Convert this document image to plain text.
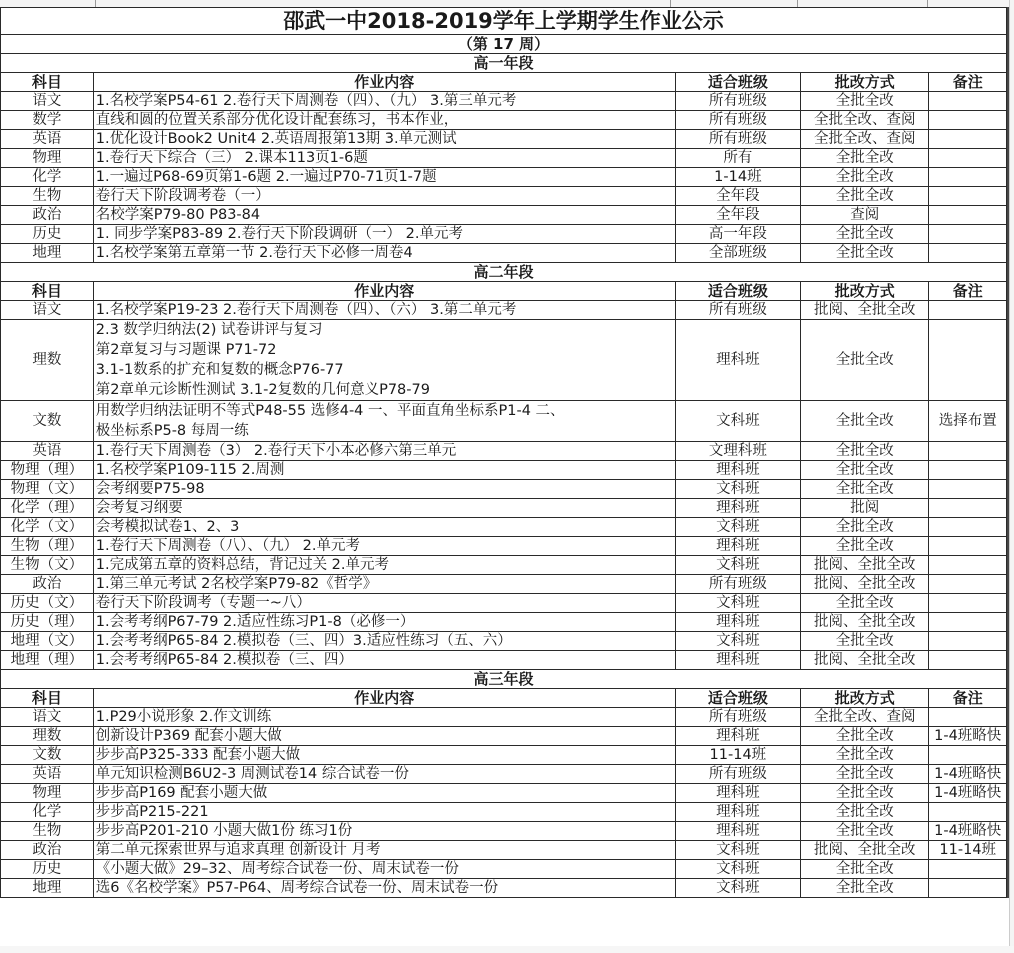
邵武一中2018-2019学年上学期学生作业公示				
（第 17 周）				
高一年段				
科目	作业内容	适合班级	批改方式	备注
语文	1.名校学案P54-61 2.卷行天下周测卷（四）、（九） 3.第三单元考	所有班级	全批全改	
数学	直线和圆的位置关系部分优化设计配套练习，书本作业，	所有班级	全批全改、查阅	
英语	1.优化设计Book2 Unit4 2.英语周报第13期 3.单元测试	所有班级	全批全改、查阅	
物理	1.卷行天下综合（三） 2.课本113页1-6题	所有	全批全改	
化学	1.一遍过P68-69页第1-6题 2.一遍过P70-71页1-7题	1-14班	全批全改	
生物	卷行天下阶段调考卷（一）	全年段	全批全改	
政治	名校学案P79-80 P83-84	全年段	查阅	
历史	1. 同步学案P83-89 2.卷行天下阶段调研（一） 2.单元考	高一年段	全批全改	
地理	1.名校学案第五章第一节 2.卷行天下必修一周卷4	全部班级	全批全改	
高二年段				
科目	作业内容	适合班级	批改方式	备注
语文	1.名校学案P19-23 2.卷行天下周测卷（四）、（六） 3.第二单元考	所有班级	批阅、全批全改	
理数	2.3 数学归纳法(2) 试卷讲评与复习
第2章复习与习题课 P71-72
3.1-1数系的扩充和复数的概念P76-77
第2章单元诊断性测试 3.1-2复数的几何意义P78-79	理科班	全批全改	
文数	用数学归纳法证明不等式P48-55 选修4-4 一、平面直角坐标系P1-4 二、
极坐标系P5-8 每周一练	文科班	全批全改	选择布置
英语	1.卷行天下周测卷（3） 2.卷行天下小本必修六第三单元	文理科班	全批全改	
物理（理）	1.名校学案P109-115 2.周测	理科班	全批全改	
物理（文）	会考纲要P75-98	文科班	全批全改	
化学（理）	会考复习纲要	理科班	批阅	
化学（文）	会考模拟试卷1、2、3	文科班	全批全改	
生物（理）	1.卷行天下周测卷（八）、（九） 2.单元考	理科班	全批全改	
生物（文）	1.完成第五章的资料总结，背记过关 2.单元考	文科班	批阅、全批全改	
政治	1.第三单元考试 2名校学案P79-82《哲学》	所有班级	批阅、全批全改	
历史（文）	卷行天下阶段调考（专题一~八）	文科班	全批全改	
历史（理）	1.会考考纲P67-79 2.适应性练习P1-8（必修一）	理科班	批阅、全批全改	
地理（文）	1.会考考纲P65-84 2.模拟卷（三、四）3.适应性练习（五、六）	文科班	全批全改	
地理（理）	1.会考考纲P65-84 2.模拟卷（三、四）	理科班	批阅、全批全改	
高三年段				
科目	作业内容	适合班级	批改方式	备注
语文	1.P29小说形象 2.作文训练	所有班级	全批全改、查阅	
理数	创新设计P369 配套小题大做	理科班	全批全改	1-4班略快
文数	步步高P325-333 配套小题大做	11-14班	全批全改	
英语	单元知识检测B6U2-3 周测试卷14 综合试卷一份	所有班级	全批全改	1-4班略快
物理	步步高P169 配套小题大做	理科班	全批全改	1-4班略快
化学	步步高P215-221	理科班	全批全改	
生物	步步高P201-210 小题大做1份 练习1份	理科班	全批全改	1-4班略快
政治	第二单元探索世界与追求真理 创新设计 月考	文科班	批阅、全批全改	11-14班
历史	《小题大做》29–32、周考综合试卷一份、周末试卷一份	文科班	全批全改	
地理	选6《名校学案》P57-P64、周考综合试卷一份、周末试卷一份	文科班	全批全改	
